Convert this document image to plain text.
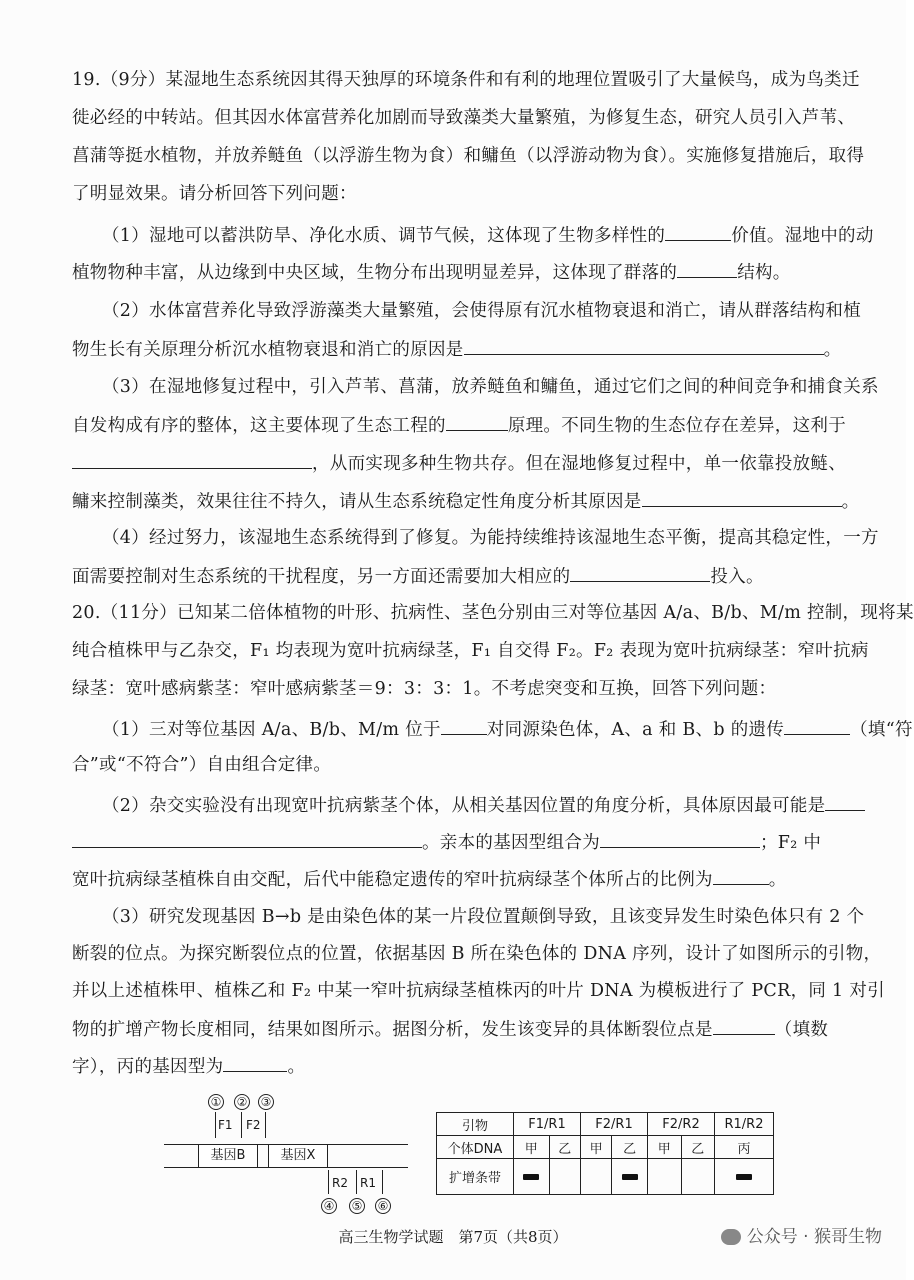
19.（9分）某湿地生态系统因其得天独厚的环境条件和有利的地理位置吸引了大量候鸟，成为鸟类迁
徙必经的中转站。但其因水体富营养化加剧而导致藻类大量繁殖，为修复生态，研究人员引入芦苇、
菖蒲等挺水植物，并放养鲢鱼（以浮游生物为食）和鳙鱼（以浮游动物为食）。实施修复措施后，取得
了明显效果。请分析回答下列问题：
（1）湿地可以蓄洪防旱、净化水质、调节气候，这体现了生物多样性的	价值。湿地中的动
植物物种丰富，从边缘到中央区域，生物分布出现明显差异，这体现了群落的	结构。
（2）水体富营养化导致浮游藻类大量繁殖，会使得原有沉水植物衰退和消亡，请从群落结构和植
物生长有关原理分析沉水植物衰退和消亡的原因是	。
（3）在湿地修复过程中，引入芦苇、菖蒲，放养鲢鱼和鳙鱼，通过它们之间的种间竞争和捕食关系
自发构成有序的整体，这主要体现了生态工程的	原理。不同生物的生态位存在差异，这利于
，从而实现多种生物共存。但在湿地修复过程中，单一依靠投放鲢、
鳙来控制藻类，效果往往不持久，请从生态系统稳定性角度分析其原因是	。
（4）经过努力，该湿地生态系统得到了修复。为能持续维持该湿地生态平衡，提高其稳定性，一方
面需要控制对生态系统的干扰程度，另一方面还需要加大相应的	投入。
20.（11分）已知某二倍体植物的叶形、抗病性、茎色分别由三对等位基因 A/a、B/b、M/m 控制，现将某
纯合植株甲与乙杂交，F₁ 均表现为宽叶抗病绿茎，F₁ 自交得 F₂。F₂ 表现为宽叶抗病绿茎：窄叶抗病
绿茎：宽叶感病紫茎：窄叶感病紫茎＝9：3：3：1。不考虑突变和互换，回答下列问题：
（1）三对等位基因 A/a、B/b、M/m 位于	对同源染色体，A、a 和 B、b 的遗传	（填“符
合”或“不符合”）自由组合定律。
（2）杂交实验没有出现宽叶抗病紫茎个体，从相关基因位置的角度分析，具体原因最可能是
。亲本的基因型组合为	；F₂ 中
宽叶抗病绿茎植株自由交配，后代中能稳定遗传的窄叶抗病绿茎个体所占的比例为	。
（3）研究发现基因 B→b 是由染色体的某一片段位置颠倒导致，且该变异发生时染色体只有 2 个
断裂的位点。为探究断裂位点的位置，依据基因 B 所在染色体的 DNA 序列，设计了如图所示的引物，
并以上述植株甲、植株乙和 F₂ 中某一窄叶抗病绿茎植株丙的叶片 DNA 为模板进行了 PCR，同 1 对引
物的扩增产物长度相同，结果如图所示。据图分析，发生该变异的具体断裂位点是	（填数
字），丙的基因型为	。
① ② ③
F1 F2
基因B	基因X
R2 R1
④ ⑤ ⑥
引物	F1/R1		F2/R1		F2/R2		R1/R2
个体DNA	甲	乙	甲	乙	甲	乙	丙
扩增条带							
高三生物学试题　第7页（共8页）	公众号 · 猴哥生物
